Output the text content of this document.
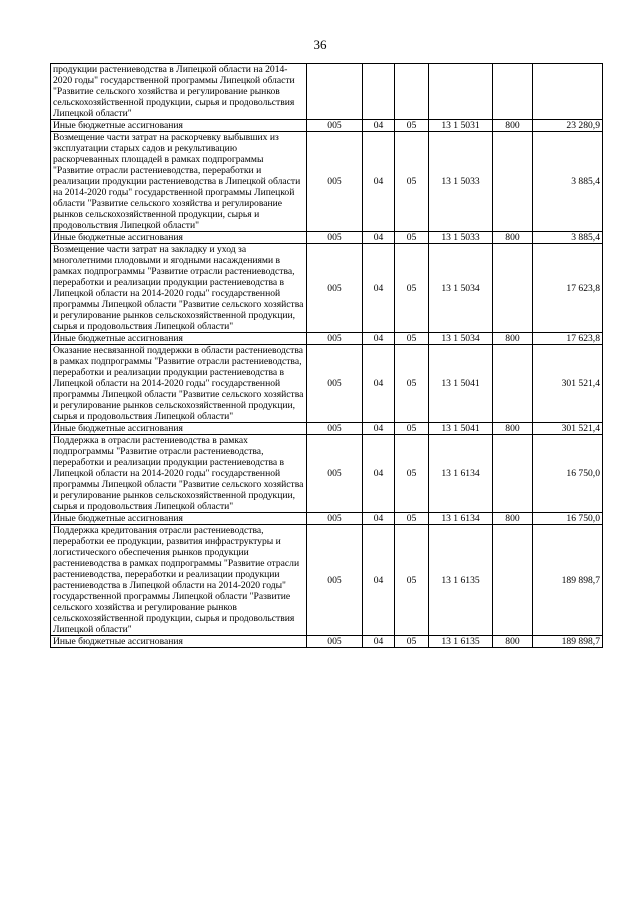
36
продукции растениеводства в Липецкой области на 2014-2020 годы" государственной программы Липецкой области "Развитие сельского хозяйства и регулирование рынков сельскохозяйственной продукции, сырья и продовольствия Липецкой области"						
Иные бюджетные ассигнования	005	04	05	13 1 5031	800	23 280,9
Возмещение части затрат на раскорчевку выбывших из эксплуатации старых садов и рекультивацию раскорчеванных площадей в рамках подпрограммы "Развитие отрасли растениеводства, переработки и реализации продукции растениеводства в Липецкой области на 2014-2020 годы" государственной программы Липецкой области "Развитие сельского хозяйства и регулирование рынков сельскохозяйственной продукции, сырья и продовольствия Липецкой области"	005	04	05	13 1 5033		3 885,4
Иные бюджетные ассигнования	005	04	05	13 1 5033	800	3 885,4
Возмещение части затрат на закладку и уход за многолетними плодовыми и ягодными насаждениями в рамках подпрограммы "Развитие отрасли растениеводства, переработки и реализации продукции растениеводства в Липецкой области на 2014-2020 годы" государственной программы Липецкой области "Развитие сельского хозяйства и регулирование рынков сельскохозяйственной продукции, сырья и продовольствия Липецкой области"	005	04	05	13 1 5034		17 623,8
Иные бюджетные ассигнования	005	04	05	13 1 5034	800	17 623,8
Оказание несвязанной поддержки в области растениеводства в рамках подпрограммы "Развитие отрасли растениеводства, переработки и реализации продукции растениеводства в Липецкой области на 2014-2020 годы" государственной программы Липецкой области "Развитие сельского хозяйства и регулирование рынков сельскохозяйственной продукции, сырья и продовольствия Липецкой области"	005	04	05	13 1 5041		301 521,4
Иные бюджетные ассигнования	005	04	05	13 1 5041	800	301 521,4
Поддержка в отрасли растениеводства в рамках подпрограммы "Развитие отрасли растениеводства, переработки и реализации продукции растениеводства в Липецкой области на 2014-2020 годы" государственной программы Липецкой области "Развитие сельского хозяйства и регулирование рынков сельскохозяйственной продукции, сырья и продовольствия Липецкой области"	005	04	05	13 1 6134		16 750,0
Иные бюджетные ассигнования	005	04	05	13 1 6134	800	16 750,0
Поддержка кредитования отрасли растениеводства, переработки ее продукции, развития инфраструктуры и логистического обеспечения рынков продукции растениеводства в рамках подпрограммы "Развитие отрасли растениеводства, переработки и реализации продукции растениеводства в Липецкой области на 2014-2020 годы" государственной программы Липецкой области "Развитие сельского хозяйства и регулирование рынков сельскохозяйственной продукции, сырья и продовольствия Липецкой области"	005	04	05	13 1 6135		189 898,7
Иные бюджетные ассигнования	005	04	05	13 1 6135	800	189 898,7
